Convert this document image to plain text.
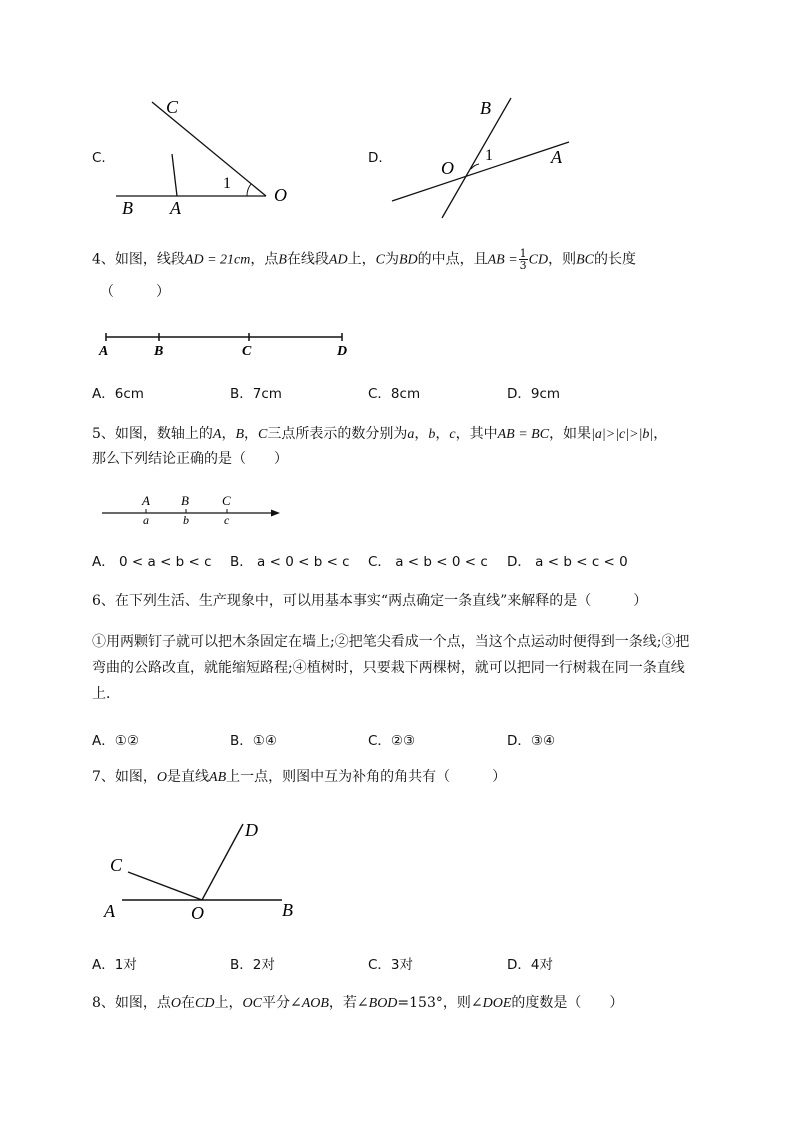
C.
C
B A
O
1
D.
B
O
A
1
4、如图，线段AD = 21cm，点B在线段AD上，C为BD的中点，且AB = $\frac{1}{3}$ CD，则BC的长度
（　　　）
A	B	C	D
A．6cm	B．7cm	C．8cm	D．9cm
5、如图，数轴上的A，B，C三点所表示的数分别为a，b，c，其中AB = BC，如果|a|>|c|>|b|，
那么下列结论正确的是（　　）
A B	C
a	b	c
A． 0 < a < b < c B． a < 0 < b < c C． a < b < 0 < c D． a < b < c < 0
6、在下列生活、生产现象中，可以用基本事实“两点确定一条直线”来解释的是（　　　）
①用两颗钉子就可以把木条固定在墙上;②把笔尖看成一个点，当这个点运动时便得到一条线;③把
弯曲的公路改直，就能缩短路程;④植树时，只要栽下两棵树，就可以把同一行树栽在同一条直线
上．
A．①②	B．①④	C．②③	D．③④
7、如图，O是直线AB上一点，则图中互为补角的角共有（　　　）
A	B
C
D
O
A．1对	B．2对	C．3对	D．4对
8、如图，点O在CD上，OC平分∠AOB，若∠BOD=153°，则∠DOE的度数是（　　）
